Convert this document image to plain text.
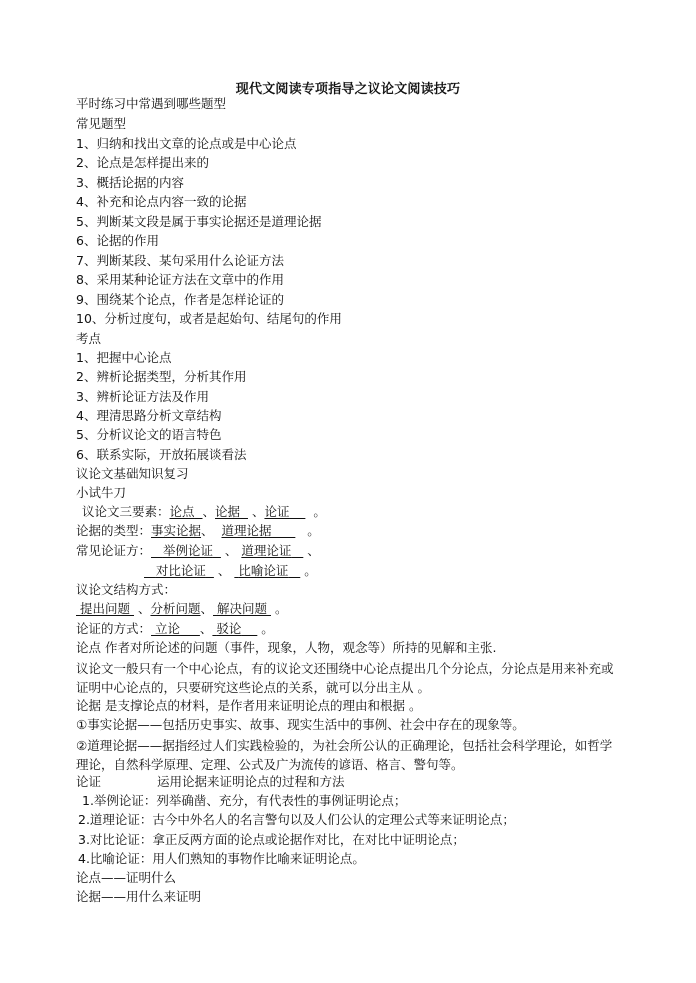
现代文阅读专项指导之议论文阅读技巧
平时练习中常遇到哪些题型
常见题型
1、归纳和找出文章的论点或是中心论点
2、论点是怎样提出来的
3、概括论据的内容
4、补充和论点内容一致的论据
5、判断某文段是属于事实论据还是道理论据
6、论据的作用
7、判断某段、某句采用什么论证方法
8、采用某种论证方法在文章中的作用
9、围绕某个论点，作者是怎样论证的
10、分析过度句，或者是起始句、结尾句的作用
考点
1、把握中心论点
2、辨析论据类型，分析其作用
3、辨析论证方法及作用
4、理清思路分析文章结构
5、分析议论文的语言特色
6、联系实际，开放拓展谈看法
议论文基础知识复习
小试牛刀
议论文三要素：论点 、论据   、论证      。
论据的类型：事实论据、  道理论据         。
常见论证方： 举例论证   、 道理论证    、
对比论证   、  比喻论证    。
议论文结构方式：
提出问题  、分析问题、 解决问题  。
论证的方式： 立论 、 驳论     。
论点 作者对所论述的问题（事件，现象，人物，观念等）所持的见解和主张.
议论文一般只有一个中心论点，有的议论文还围绕中心论点提出几个分论点，分论点是用来补充或证明中心论点的，只要研究这些论点的关系，就可以分出主从 。
论据 是支撑论点的材料，是作者用来证明论点的理由和根据 。
①事实论据——包括历史事实、故事、现实生活中的事例、社会中存在的现象等。
②道理论据——据指经过人们实践检验的，为社会所公认的正确理论，包括社会科学理论，如哲学理论，自然科学原理、定理、公式及广为流传的谚语、格言、警句等。
论证	运用论据来证明论点的过程和方法
1.举例论证：列举确凿、充分，有代表性的事例证明论点；
2.道理论证：古今中外名人的名言警句以及人们公认的定理公式等来证明论点；
3.对比论证：拿正反两方面的论点或论据作对比，在对比中证明论点；
4.比喻论证：用人们熟知的事物作比喻来证明论点。
论点——证明什么
论据——用什么来证明
